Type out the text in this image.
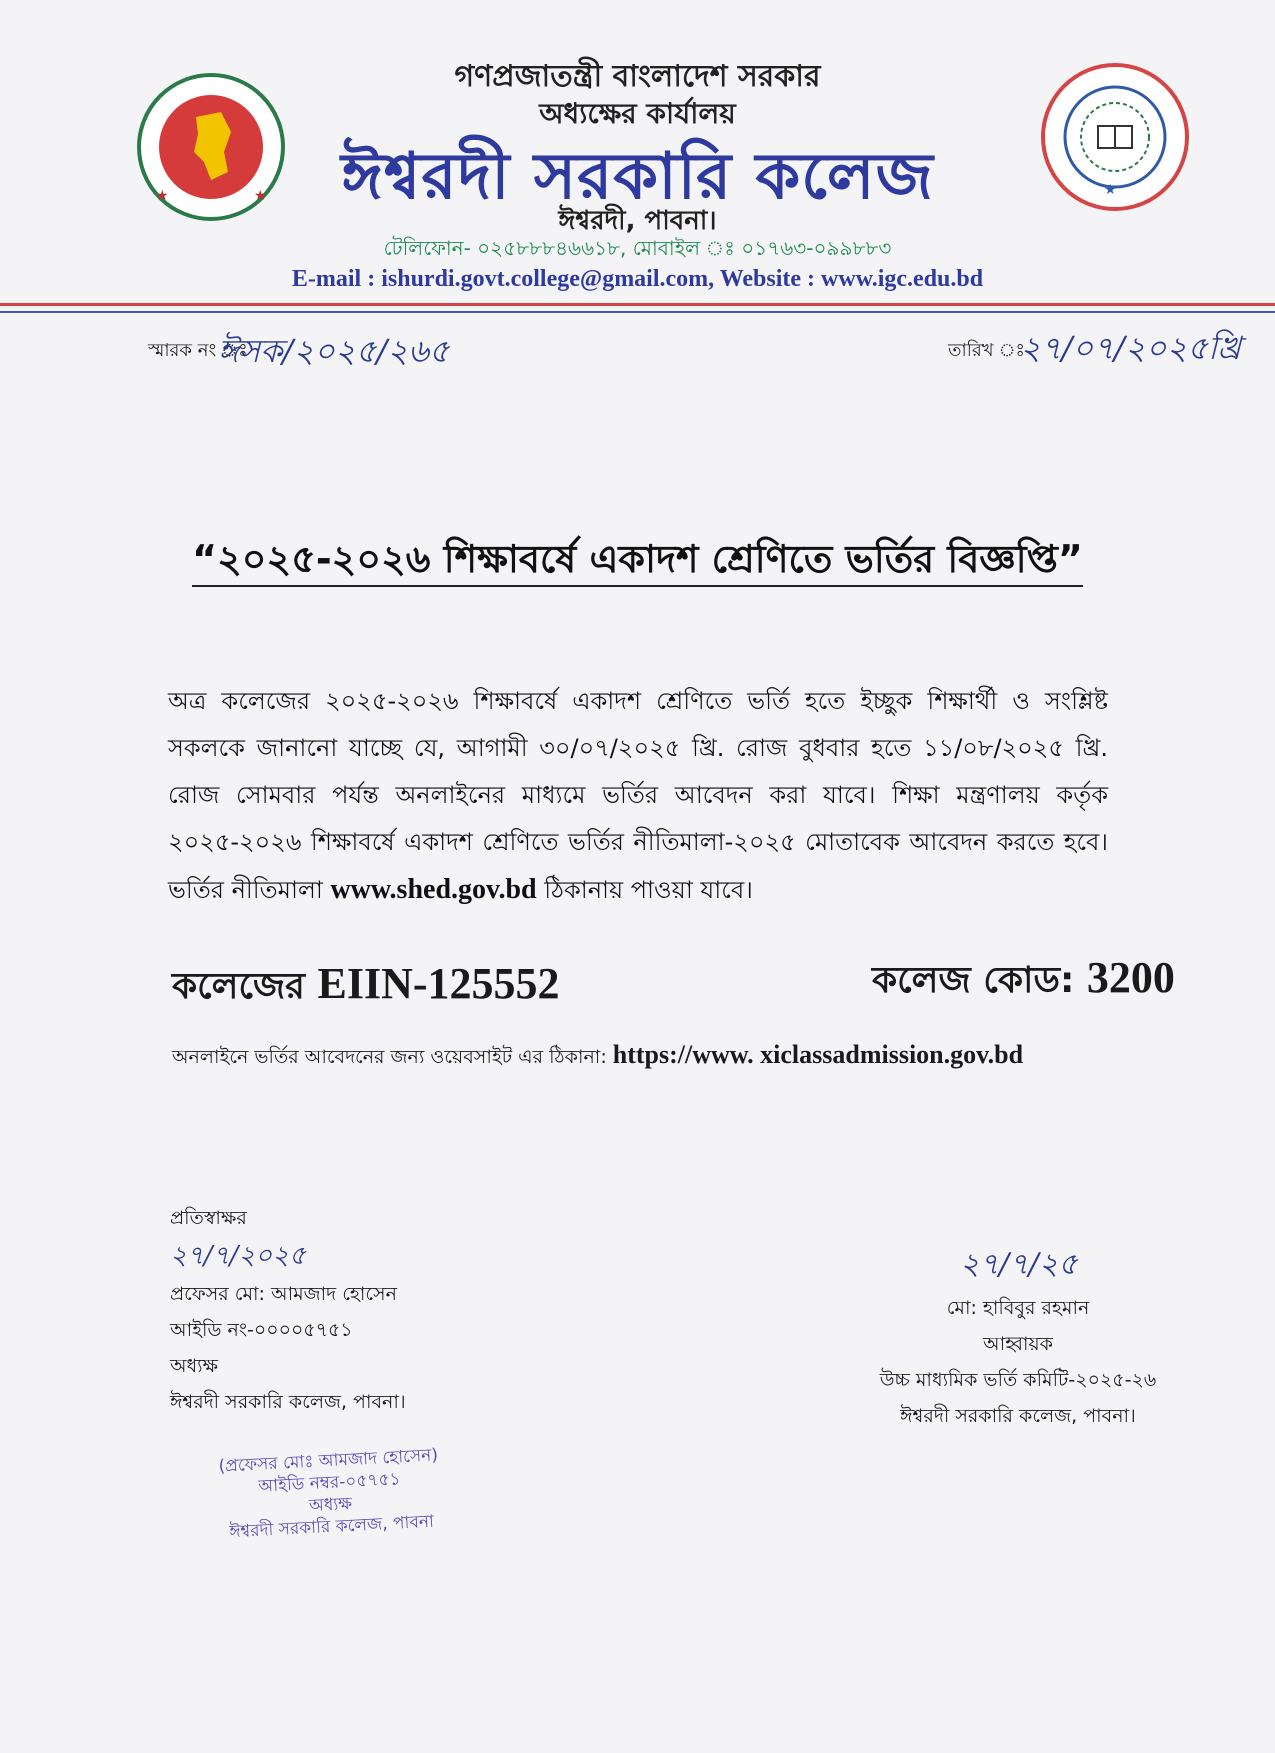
★	★	★
গণপ্রজাতন্ত্রী বাংলাদেশ সরকার
অধ্যক্ষের কার্যালয়
ঈশ্বরদী সরকারি কলেজ
ঈশ্বরদী, পাবনা।
টেলিফোন- ০২৫৮৮৮৪৬৬১৮, মোবাইল ঃ ০১৭৬৩-০৯৯৮৮৩
E-mail : ishurdi.govt.college@gmail.com, Website : www.igc.edu.bd
স্মারক নং ঃ
ঈসক/২০২৫/২৬৫	তারিখ ঃ
২৭/০৭/২০২৫খ্রি
“২০২৫-২০২৬ শিক্ষাবর্ষে একাদশ শ্রেণিতে ভর্তির বিজ্ঞপ্তি”
অত্র কলেজের ২০২৫-২০২৬ শিক্ষাবর্ষে একাদশ শ্রেণিতে ভর্তি হতে ইচ্ছুক শিক্ষার্থী ও সংশ্লিষ্ট সকলকে জানানো যাচ্ছে যে, আগামী ৩০/০৭/২০২৫ খ্রি. রোজ বুধবার হতে ১১/০৮/২০২৫ খ্রি. রোজ সোমবার পর্যন্ত অনলাইনের মাধ্যমে ভর্তির আবেদন করা যাবে। শিক্ষা মন্ত্রণালয় কর্তৃক ২০২৫-২০২৬ শিক্ষাবর্ষে একাদশ শ্রেণিতে ভর্তির নীতিমালা-২০২৫ মোতাবেক আবেদন করতে হবে। ভর্তির নীতিমালা www.shed.gov.bd ঠিকানায় পাওয়া যাবে।
কলেজের EIIN-125552	কলেজ কোড: 3200
অনলাইনে ভর্তির আবেদনের জন্য ওয়েবসাইট এর ঠিকানা: https://www. xiclassadmission.gov.bd
প্রতিস্বাক্ষর
২৭/৭/২০২৫
প্রফেসর মো: আমজাদ হোসেন
আইডি নং-০০০০৫৭৫১
অধ্যক্ষ
ঈশ্বরদী সরকারি কলেজ, পাবনা।
(প্রফেসর মোঃ আমজাদ হোসেন)
আইডি নম্বর-০৫৭৫১
অধ্যক্ষ
ঈশ্বরদী সরকারি কলেজ, পাবনা
২৭/৭/২৫
মো: হাবিবুর রহমান
আহ্বায়ক
উচ্চ মাধ্যমিক ভর্তি কমিটি-২০২৫-২৬
ঈশ্বরদী সরকারি কলেজ, পাবনা।
